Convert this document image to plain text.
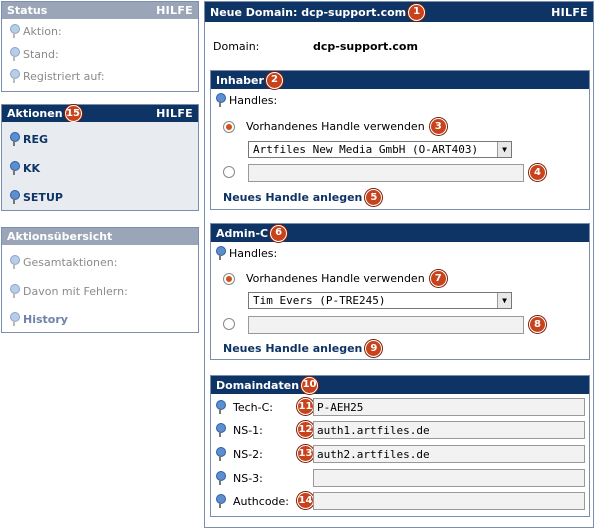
Status	HILFE
Aktion:
Stand:
Registriert auf:
Aktionen 15	HILFE
REG
KK
SETUP
Aktionsübersicht
Gesamtaktionen:
Davon mit Fehlern:
History
Neue Domain: dcp-support.com 1	HILFE
Domain:	dcp-support.com
Inhaber 2
Handles:
Vorhandenes Handle verwenden	3
Artfiles New Media GmbH (O-ART403)	▼
4
Neues Handle anlegen 5
Admin-C 6
Handles:
Vorhandenes Handle verwenden	7
Tim Evers (P-TRE245)	▼
8
Neues Handle anlegen 9
Domaindaten 10
Tech-C:	11 P-AEH25
NS-1:	12 auth1.artfiles.de
NS-2:	13 auth2.artfiles.de
NS-3:
Authcode: 14
